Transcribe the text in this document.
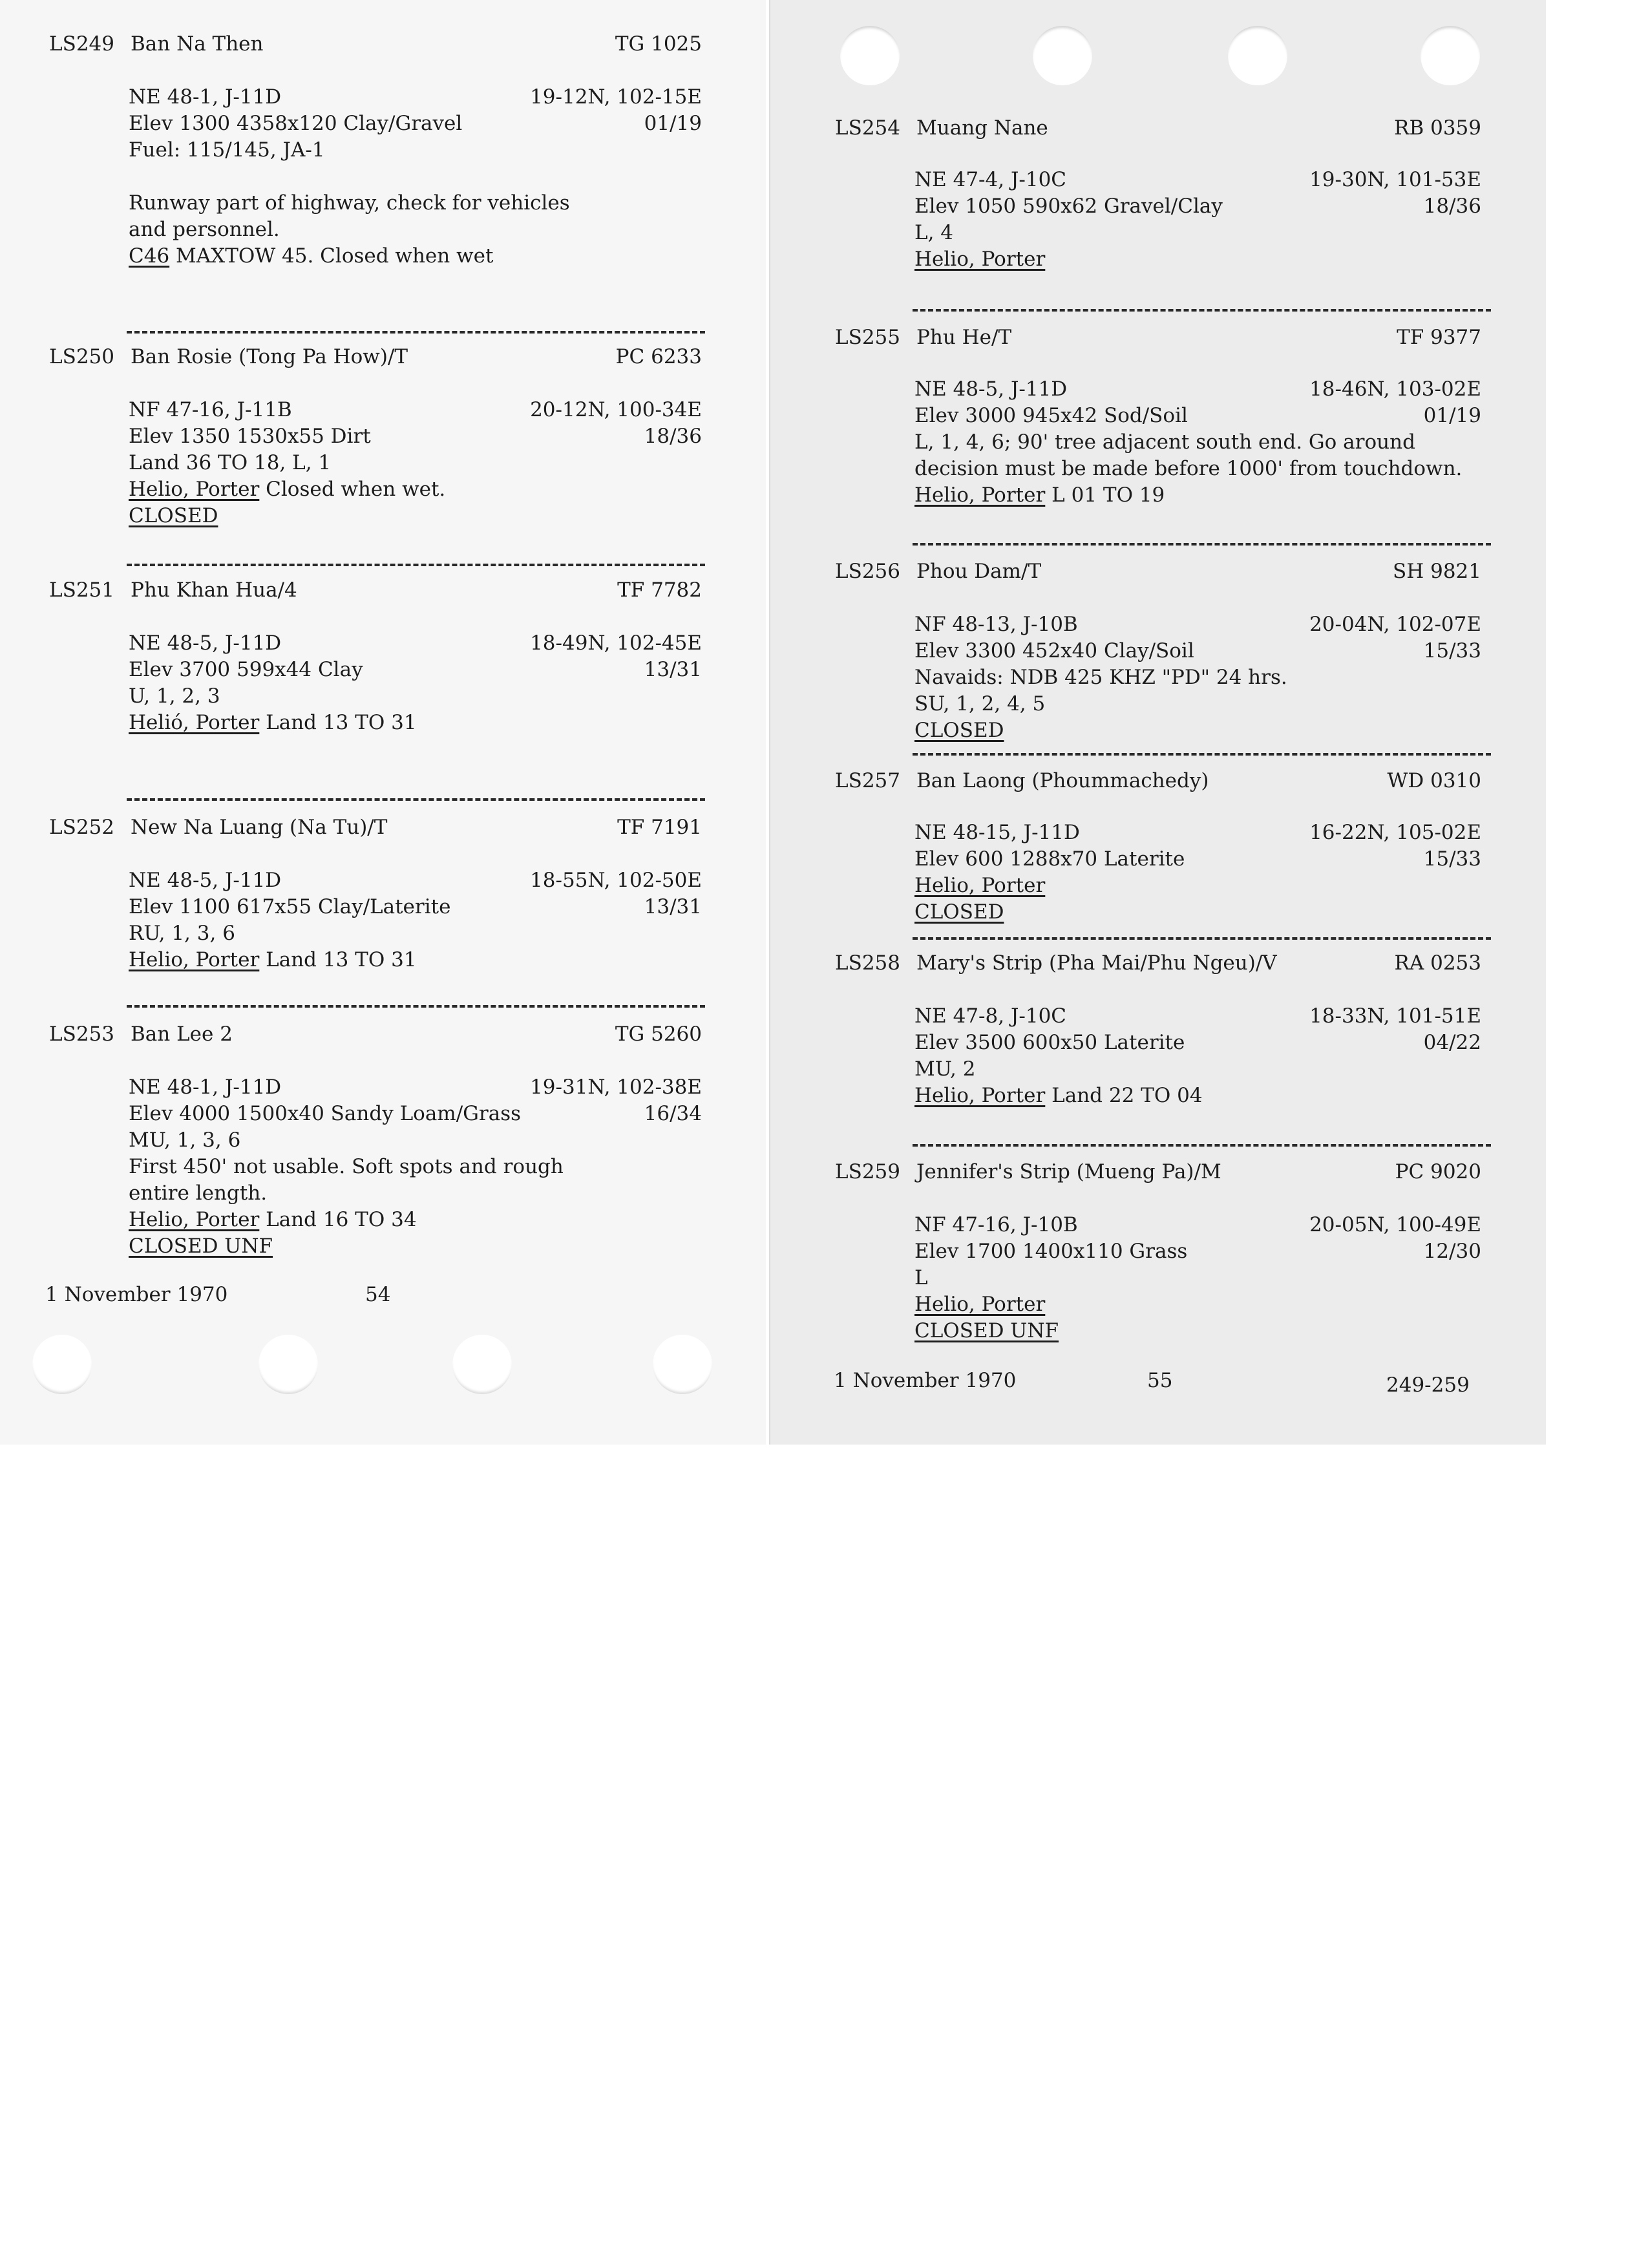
LS249 Ban Na Then	TG 1025
NE 48-1, J-11D	19-12N, 102-15E
Elev 1300 4358x120 Clay/Gravel	01/19
Fuel: 115/145, JA-1
Runway part of highway, check for vehicles
and personnel.
C46 MAXTOW 45. Closed when wet
LS250 Ban Rosie (Tong Pa How)/T	PC 6233
NF 47-16, J-11B	20-12N, 100-34E
Elev 1350 1530x55 Dirt	18/36
Land 36 TO 18, L, 1
Helio, Porter Closed when wet.
CLOSED
LS251 Phu Khan Hua/4	TF 7782
NE 48-5, J-11D	18-49N, 102-45E
Elev 3700 599x44 Clay	13/31
U, 1, 2, 3
Helió, Porter Land 13 TO 31
LS252 New Na Luang (Na Tu)/T	TF 7191
NE 48-5, J-11D	18-55N, 102-50E
Elev 1100 617x55 Clay/Laterite	13/31
RU, 1, 3, 6
Helio, Porter Land 13 TO 31
LS253 Ban Lee 2	TG 5260
NE 48-1, J-11D	19-31N, 102-38E
Elev 4000 1500x40 Sandy Loam/Grass	16/34
MU, 1, 3, 6
First 450' not usable. Soft spots and rough
entire length.
Helio, Porter Land 16 TO 34
CLOSED UNF
1 November 1970	54
LS254 Muang Nane	RB 0359
NE 47-4, J-10C	19-30N, 101-53E
Elev 1050 590x62 Gravel/Clay	18/36
L, 4
Helio, Porter
LS255 Phu He/T	TF 9377
NE 48-5, J-11D	18-46N, 103-02E
Elev 3000 945x42 Sod/Soil	01/19
L, 1, 4, 6; 90' tree adjacent south end. Go around
decision must be made before 1000' from touchdown.
Helio, Porter L 01 TO 19
LS256 Phou Dam/T	SH 9821
NF 48-13, J-10B	20-04N, 102-07E
Elev 3300 452x40 Clay/Soil	15/33
Navaids: NDB 425 KHZ "PD" 24 hrs.
SU, 1, 2, 4, 5
CLOSED
LS257 Ban Laong (Phoummachedy)	WD 0310
NE 48-15, J-11D	16-22N, 105-02E
Elev 600 1288x70 Laterite	15/33
Helio, Porter
CLOSED
LS258 Mary's Strip (Pha Mai/Phu Ngeu)/V	RA 0253
NE 47-8, J-10C	18-33N, 101-51E
Elev 3500 600x50 Laterite	04/22
MU, 2
Helio, Porter Land 22 TO 04
LS259 Jennifer's Strip (Mueng Pa)/M	PC 9020
NF 47-16, J-10B	20-05N, 100-49E
Elev 1700 1400x110 Grass	12/30
L
Helio, Porter
CLOSED UNF
1 November 1970	55	249-259
